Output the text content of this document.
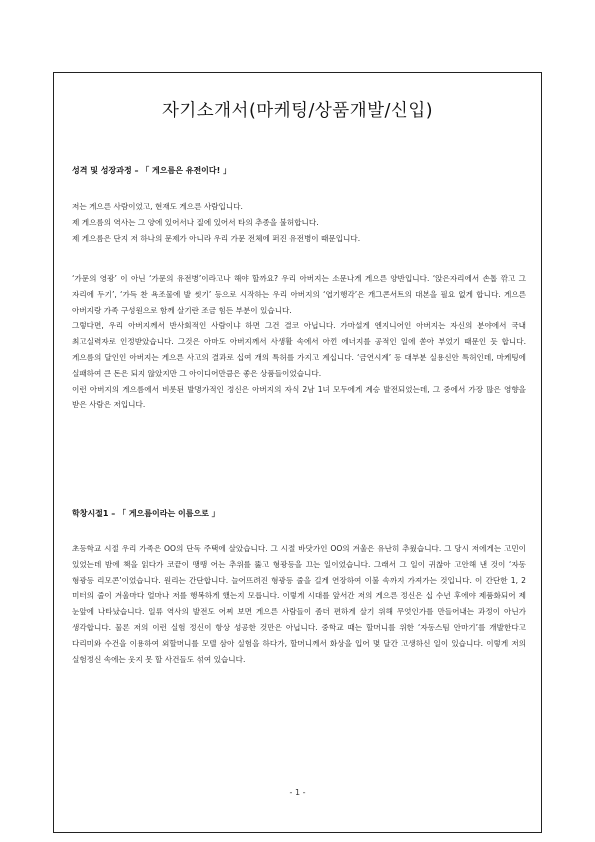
자기소개서(마케팅/상품개발/신입)
성격 및 성장과정 – 「 게으름은 유전이다! 」
저는 게으른 사람이었고, 현재도 게으른 사람입니다.
제 게으름의 역사는 그 양에 있어서나 질에 있어서 타의 추종을 불허합니다.
제 게으름은 단지 저 하나의 문제가 아니라 우리 가문 전체에 퍼진 유전병이 때문입니다.
‘가문의 영광’ 이 아닌 ‘가문의 유전병’이라고나 해야 할까요? 우리 아버지는 소문나게 게으른 양반입니다. ‘앉은자리에서 손톱 깎고 그 자리에 두기’, ‘가득 찬 욕조물에 발 씻기’ 등으로 시작하는 우리 아버지의 ‘엽기행각’은 개그콘서트의 대본을 필요 없게 합니다. 게으른 아버지랑 가족 구성원으로 함께 살기란 조금 힘든 부분이 있습니다.
그렇다면, 우리 아버지께서 반사회적인 사람이냐 하면 그건 결코 아닙니다. 가마설게 엔지니어인 아버지는 자신의 분야에서 국내 최고실력자로 인정받았습니다. 그것은 아마도 아버지께서 사생활 속에서 아낀 에너지를 공적인 일에 쏟아 부었기 때문인 듯 합니다. 게으름의 달인인 아버지는 게으른 사고의 결과로 십여 개의 특허를 가지고 계십니다. ‘금연시계’ 등 대부분 실용신안 특허인데, 마케팅에 실패하여 큰 돈은 되지 않았지만 그 아이디어만큼은 좋은 상품들이었습니다.
이런 아버지의 게으름에서 비롯된 발명가적인 정신은 아버지의 자식 2남 1녀 모두에게 계승 발전되었는데, 그 중에서 가장 많은 영향을 받은 사람은 저입니다.
학창시절1 – 「 게으름이라는 이름으로 」
초등학교 시절 우리 가족은 OO의 단독 주택에 살았습니다. 그 시절 바닷가인 OO의 겨울은 유난히 추웠습니다. 그 당시 저에게는 고민이 있었는데 밤에 책을 읽다가 코끝이 땡땡 어는 추위를 뚫고 형광등을 끄는 일이었습니다. 그래서 그 일이 귀찮아 고안해 낸 것이 ‘자동 형광등 리모콘’이었습니다. 원리는 간단합니다. 늘어뜨려진 형광등 줄을 길게 연장하여 이불 속까지 가져가는 것입니다. 이 간단한 1, 2 미터의 줄이 겨울마다 얼마나 저를 행복하게 했는지 모릅니다. 이렇게 시대를 앞서간 저의 게으른 정신은 십 수년 후에야 제품화되어 제 눈앞에 나타났습니다. 일류 역사의 발전도 어찌 보면 게으른 사람들이 좀더 편하게 살기 위해 무엇인가를 만들어내는 과정이 아닌가 생각합니다. 물론 저의 이런 실험 정신이 항상 성공한 것만은 아닙니다. 중학교 때는 할머니를 위한 ‘자동스팀 안마기’를 개발한다고 다리미와 수건을 이용하여 외할머니를 모텔 삼아 실험을 하다가, 할머니께서 화상을 입어 몇 달간 고생하신 일이 있습니다. 이렇게 저의 실험정신 속에는 웃지 못 할 사건들도 섞여 있습니다.
- 1 -
